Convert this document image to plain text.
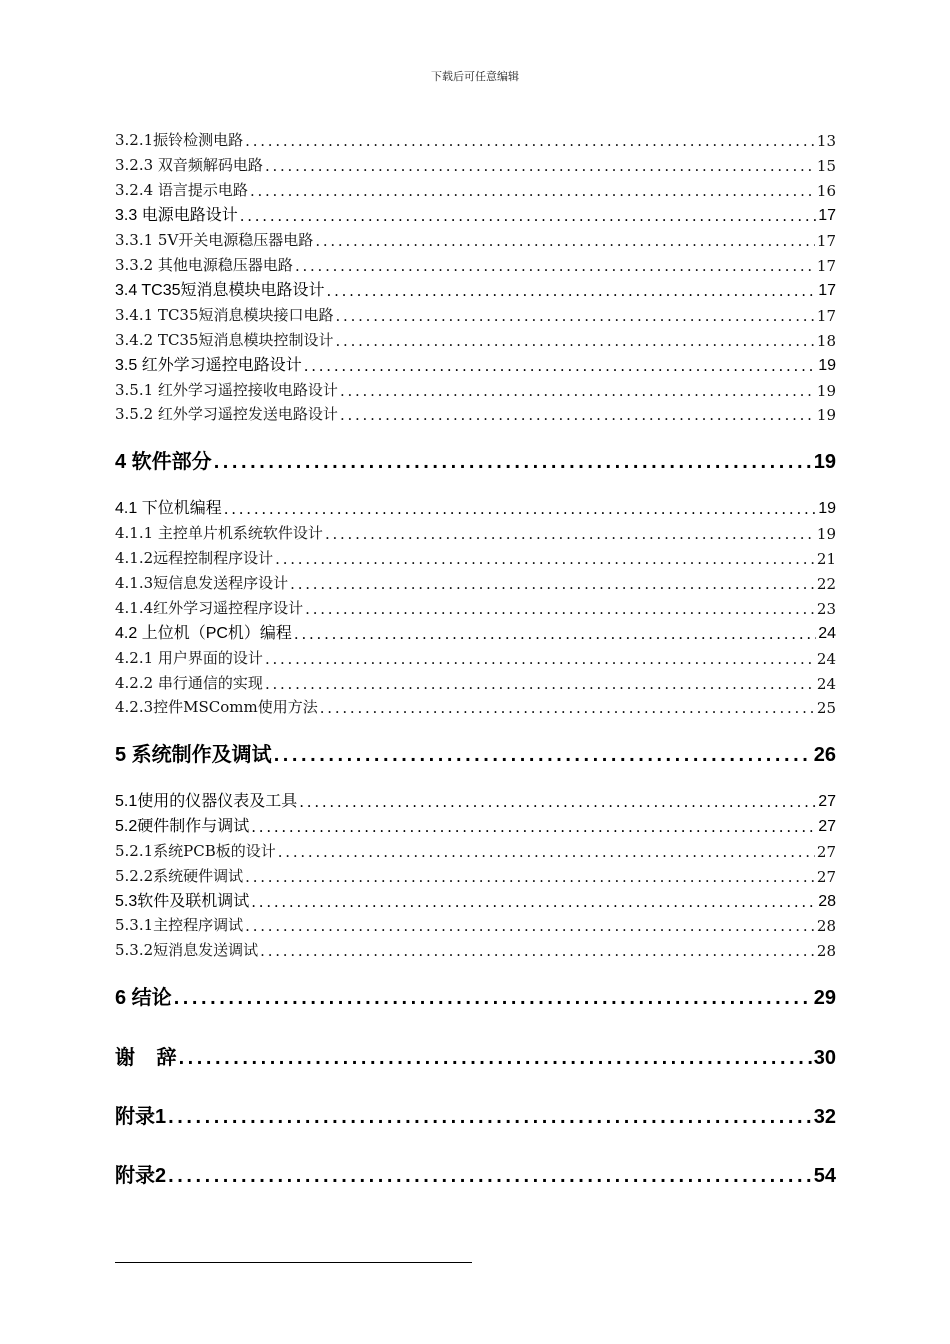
下载后可任意编辑
3.2.1振铃检测电路 . . .	13
3.2.3 双音频解码电路 . . .	15
3.2.4 语言提示电路 . . .	16
3.3 电源电路设计 . . .	17
3.3.1 5V开关电源稳压器电路 . . .	17
3.3.2 其他电源稳压器电路 . . .	17
3.4 TC35短消息模块电路设计 . . .	17
3.4.1 TC35短消息模块接口电路 . . .	17
3.4.2 TC35短消息模块控制设计 . . .	18
3.5 红外学习遥控电路设计 . . .	19
3.5.1 红外学习遥控接收电路设计 . . .	19
3.5.2 红外学习遥控发送电路设计 . . .	19
4 软件部分 . . .	19
4.1 下位机编程 . . .	19
4.1.1 主控单片机系统软件设计 . . .	19
4.1.2远程控制程序设计 . . .	21
4.1.3短信息发送程序设计 . . .	22
4.1.4红外学习遥控程序设计 . . .	23
4.2 上位机（PC机）编程 . . .	24
4.2.1 用户界面的设计 . . .	24
4.2.2 串行通信的实现 . . .	24
4.2.3控件MSComm使用方法 . . .	25
5 系统制作及调试 . . .	26
5.1使用的仪器仪表及工具 . . .	27
5.2硬件制作与调试 . . .	27
5.2.1系统PCB板的设计 . . .	27
5.2.2系统硬件调试 . . .	27
5.3软件及联机调试 . . .	28
5.3.1主控程序调试 . . .	28
5.3.2短消息发送调试 . . .	28
6 结论 . . .	29
谢 辞 . . .	30
附录1 . . .	32
附录2 . . .	54
